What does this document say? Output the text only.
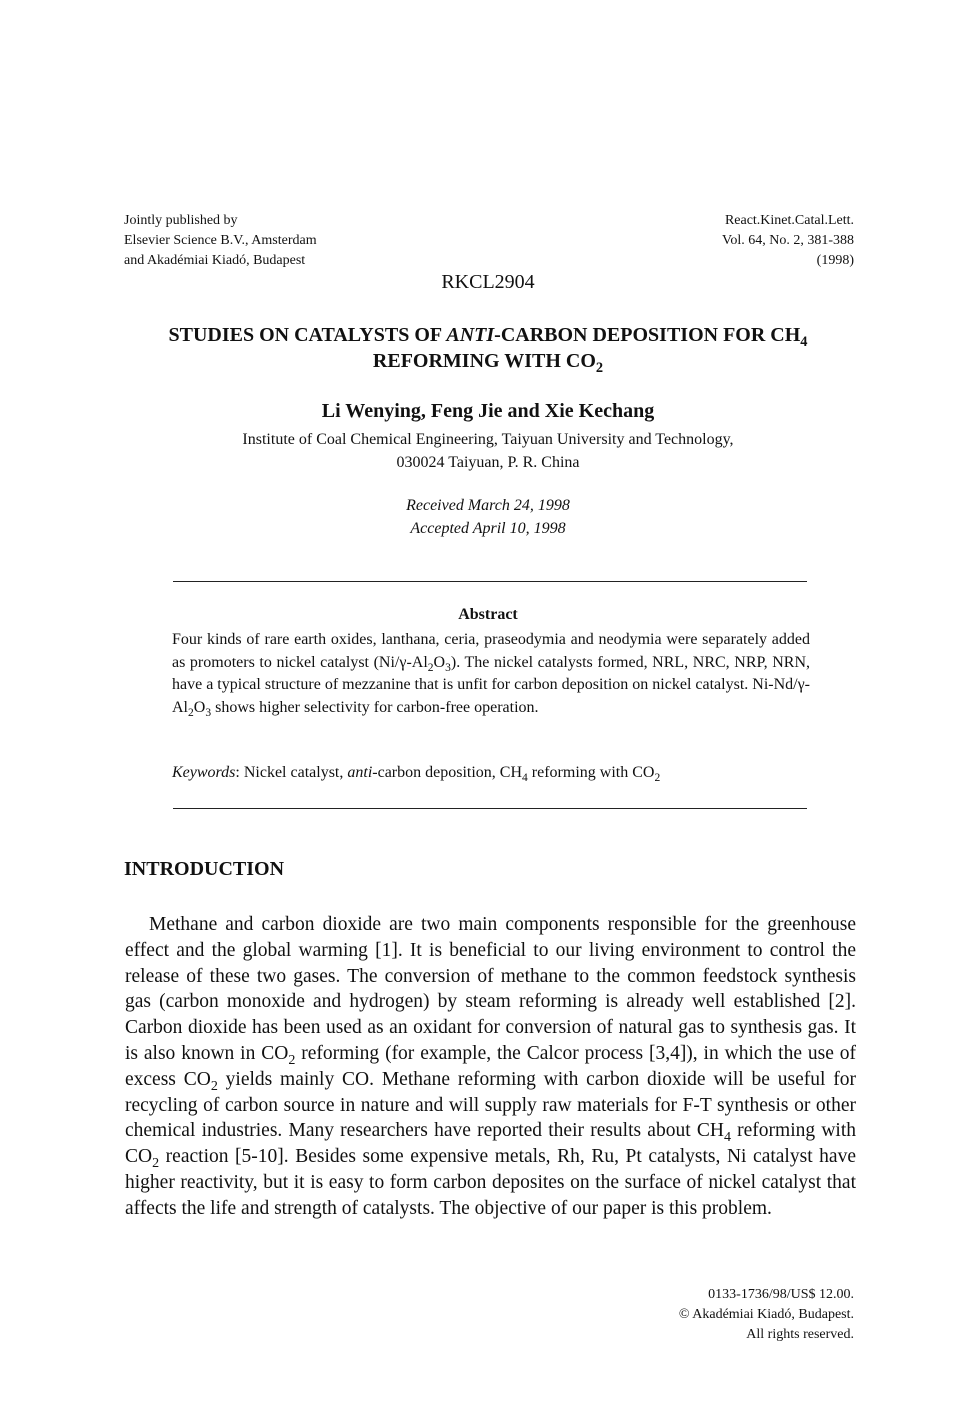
Jointly published by
Elsevier Science B.V., Amsterdam
and Akadémiai Kiadó, Budapest
React.Kinet.Catal.Lett.
Vol. 64, No. 2, 381-388
(1998)
RKCL2904
STUDIES ON CATALYSTS OF ANTI-CARBON DEPOSITION FOR $CH_4$
REFORMING WITH $CO_2$
Li Wenying, Feng Jie and Xie Kechang
Institute of Coal Chemical Engineering, Taiyuan University and Technology,
030024 Taiyuan, P. R. China
Received March 24, 1998
Accepted April 10, 1998
Abstract
Four kinds of rare earth oxides, lanthana, ceria, praseodymia and neodymia were separately added as promoters to nickel catalyst $(Ni/\gamma-Al_2O_3)$. The nickel catalysts formed, NRL, NRC, NRP, NRN, have a typical structure of mezzanine that is unfit for carbon deposition on nickel catalyst. $Ni-Nd/\gamma-Al_2O_3$ shows higher selectivity for carbon-free operation.
Keywords: Nickel catalyst, anti-carbon deposition, $CH_4$ reforming with $CO_2$
INTRODUCTION

Methane and carbon dioxide are two main components responsible for the greenhouse effect and the global warming [1]. It is beneficial to our living environment to control the release of these two gases. The conversion of methane to the common feedstock synthesis gas (carbon monoxide and hydrogen) by steam reforming is already well established [2]. Carbon dioxide has been used as an oxidant for conversion of natural gas to synthesis gas. It is also known in $CO_2$ reforming (for example, the Calcor process [3,4]), in which the use of excess $CO_2$ yields mainly CO. Methane reforming with carbon dioxide will be useful for recycling of carbon source in nature and will supply raw materials for F-T synthesis or other chemical industries. Many researchers have reported their results about $CH_4$ reforming with $CO_2$ reaction [5-10]. Besides some expensive metals, Rh, Ru, Pt catalysts, Ni catalyst have higher reactivity, but it is easy to form carbon deposites on the surface of nickel catalyst that affects the life and strength of catalysts. The objective of our paper is this problem.

0133-1736/98/US$ 12.00.
© Akadémiai Kiadó, Budapest.
All rights reserved.
